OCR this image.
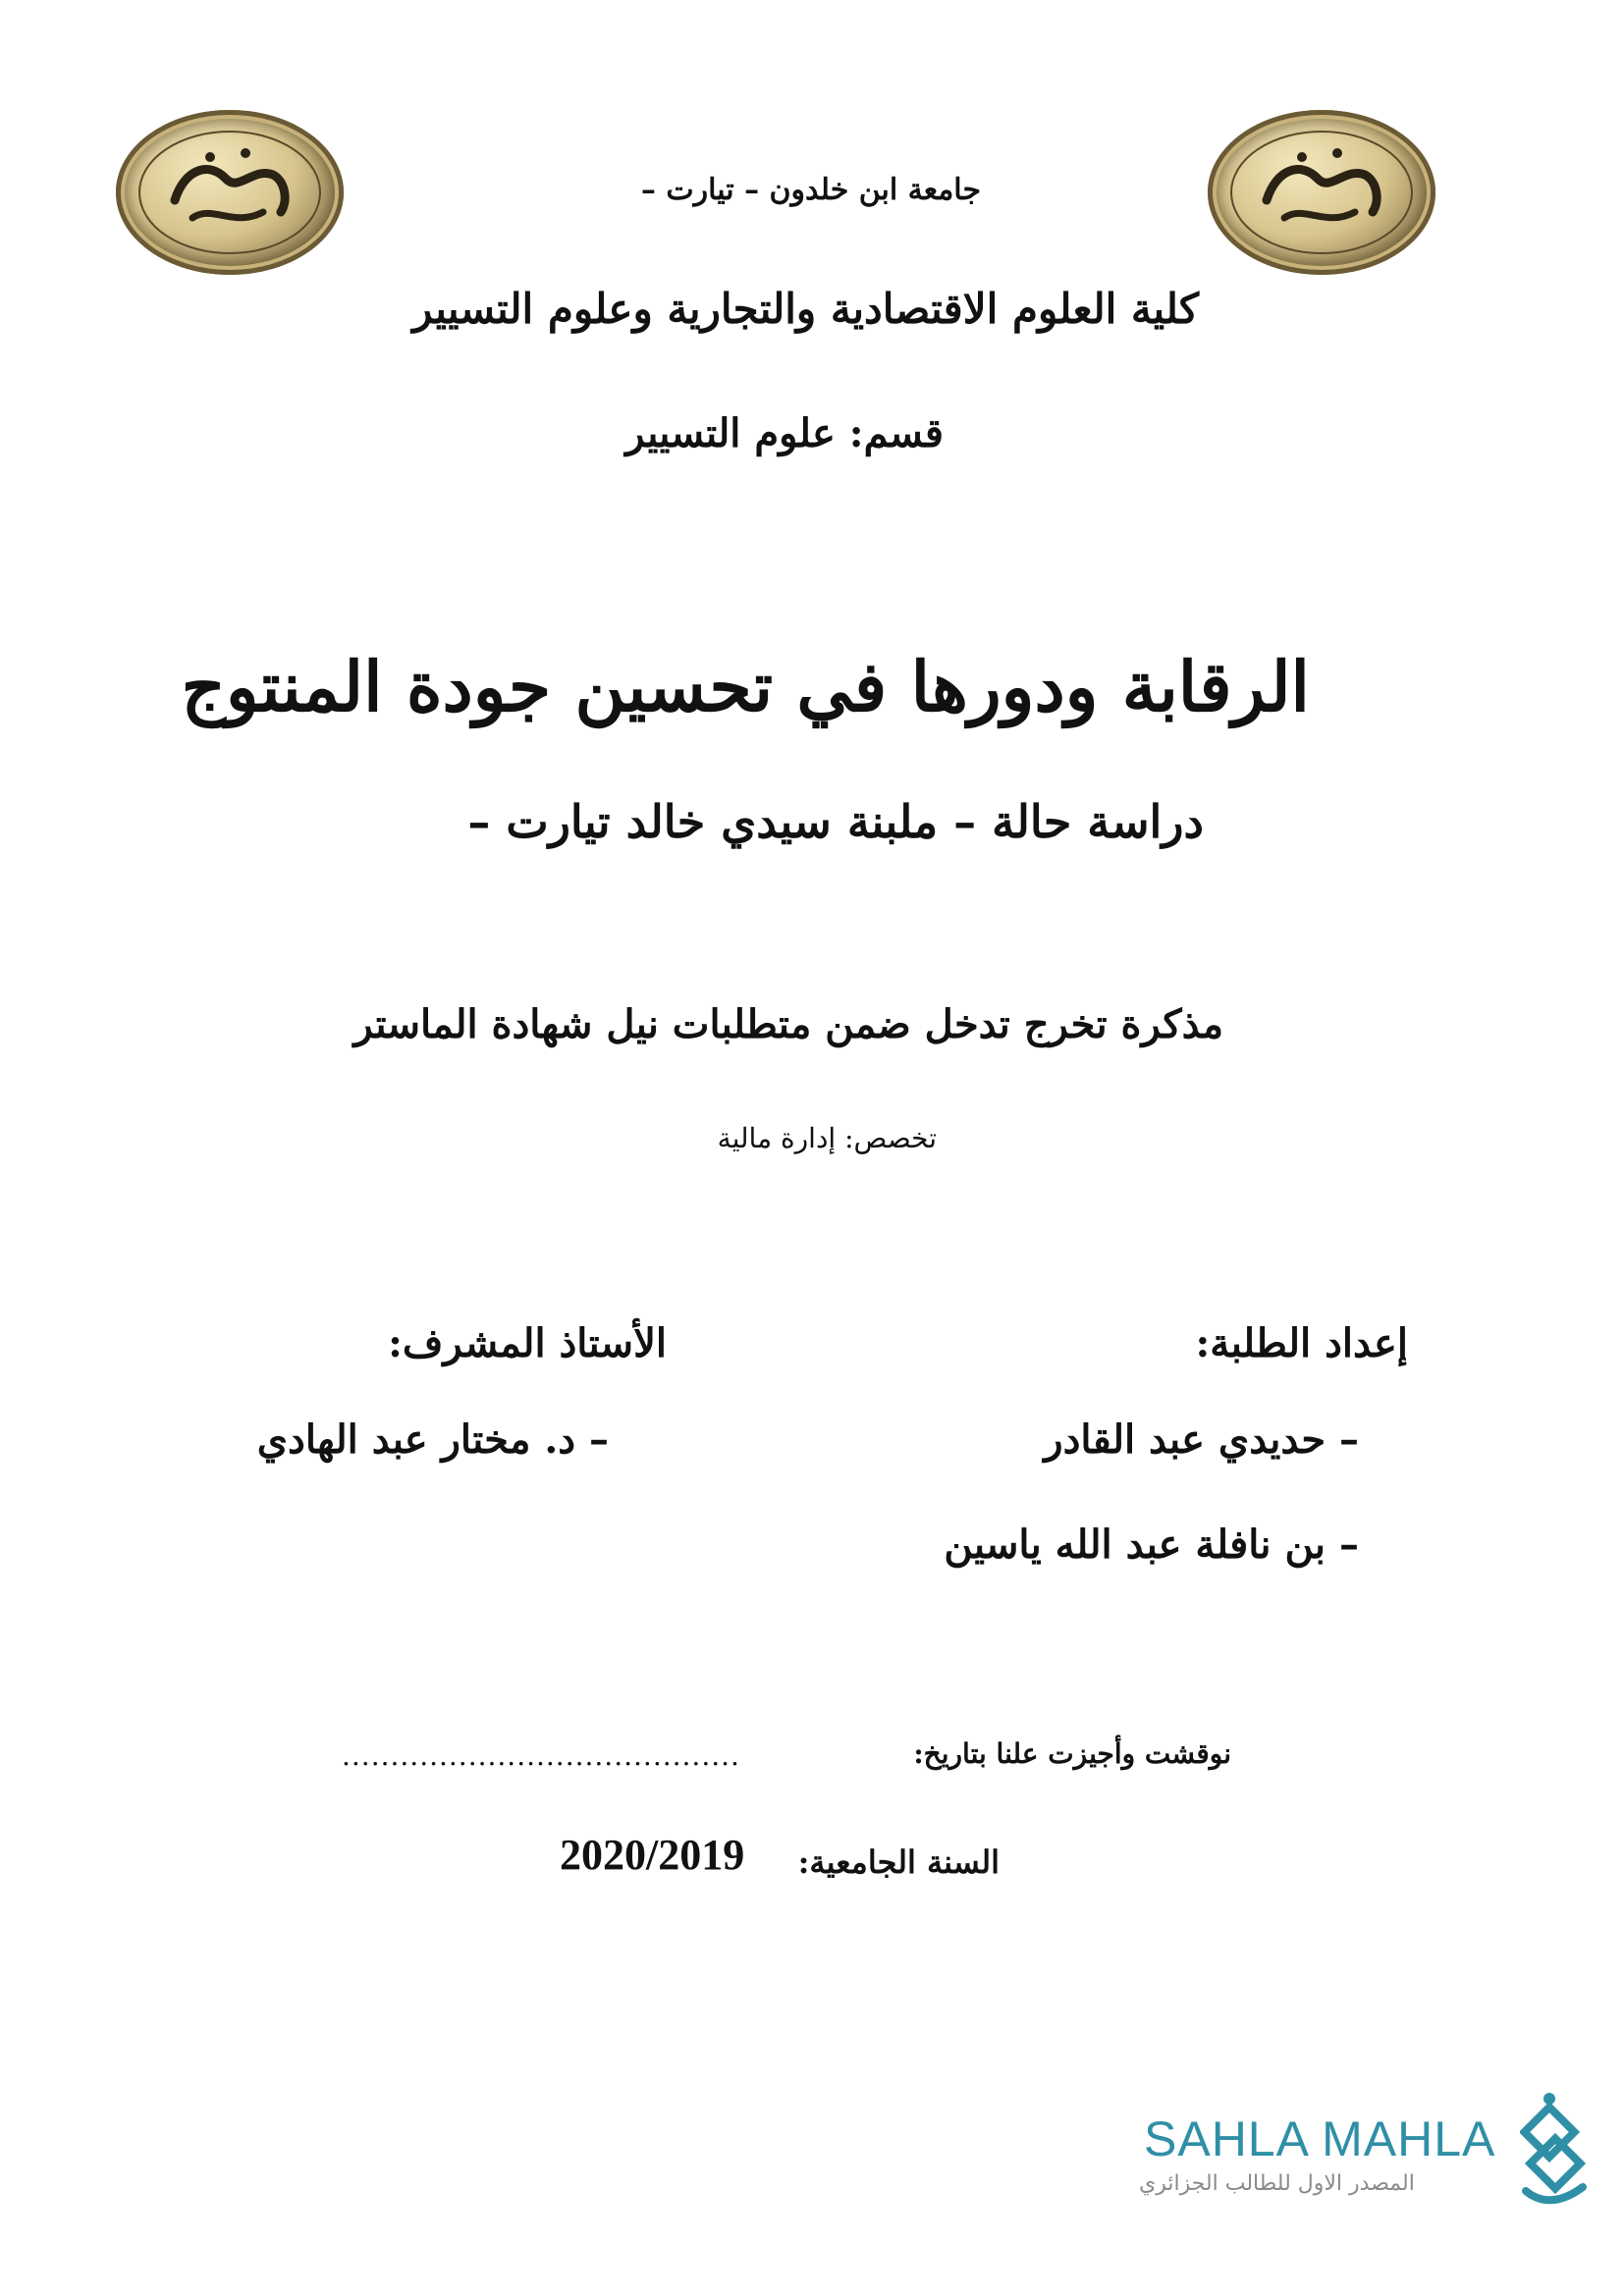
جامعة ابن خلدون – تيارت –
كلية العلوم الاقتصادية والتجارية وعلوم التسيير
قسم: علوم التسيير
الرقابة ودورها في تحسين جودة المنتوج
دراسة حالة – ملبنة سيدي خالد تيارت –
مذكرة تخرج تدخل ضمن متطلبات نيل شهادة الماستر
تخصص: إدارة مالية
إعداد الطلبة:
الأستاذ المشرف:
– حديدي عبد القادر
– د. مختار عبد الهادي
– بن نافلة عبد الله ياسين
نوقشت وأجيزت علنا بتاريخ:
.........................................
السنة الجامعية:
2020/2019
SAHLA MAHLA
المصدر الاول للطالب الجزائري
